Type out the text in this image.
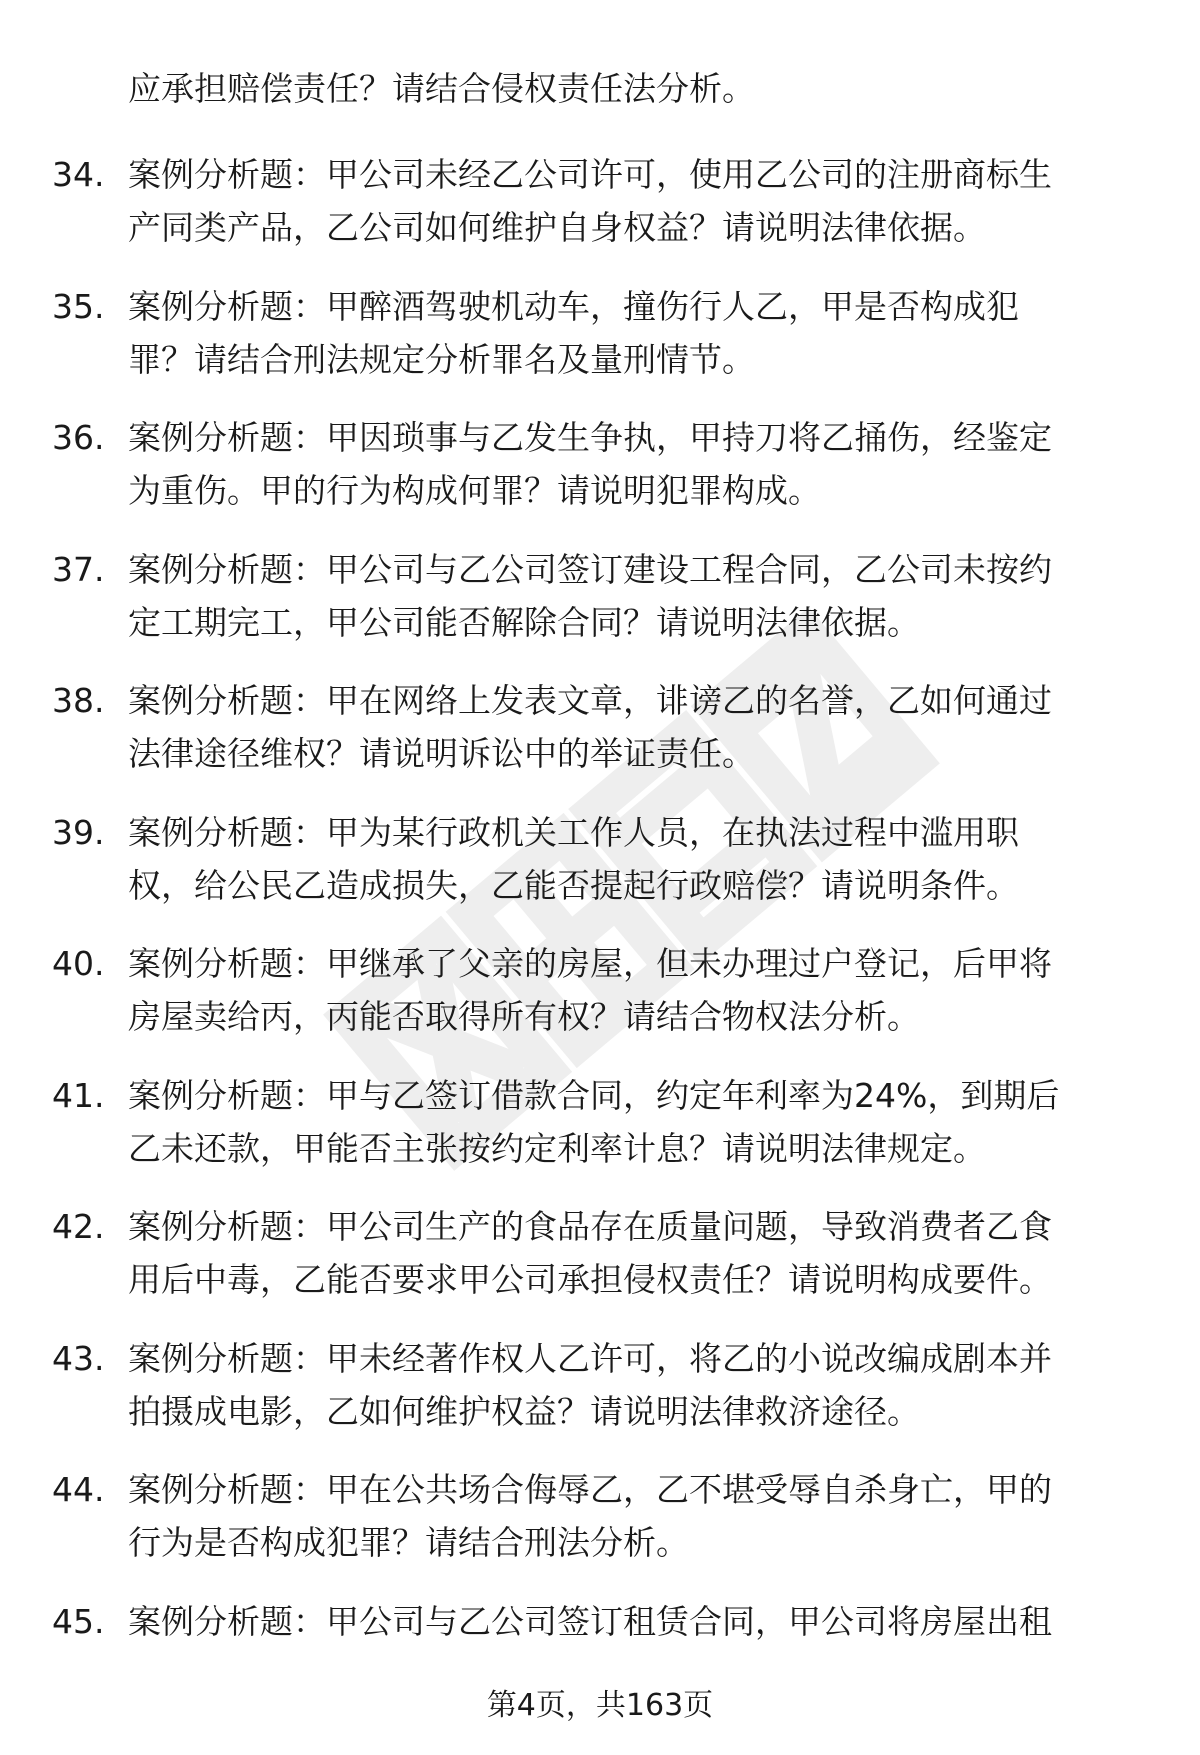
应承担赔偿责任？请结合侵权责任法分析。
34. 案例分析题：甲公司未经乙公司许可，使用乙公司的注册商标生
产同类产品，乙公司如何维护自身权益？请说明法律依据。
35. 案例分析题：甲醉酒驾驶机动车，撞伤行人乙，甲是否构成犯
罪？请结合刑法规定分析罪名及量刑情节。
36. 案例分析题：甲因琐事与乙发生争执，甲持刀将乙捅伤，经鉴定
为重伤。甲的行为构成何罪？请说明犯罪构成。
37. 案例分析题：甲公司与乙公司签订建设工程合同，乙公司未按约
定工期完工，甲公司能否解除合同？请说明法律依据。
38. 案例分析题：甲在网络上发表文章，诽谤乙的名誉，乙如何通过
法律途径维权？请说明诉讼中的举证责任。
39. 案例分析题：甲为某行政机关工作人员，在执法过程中滥用职
权，给公民乙造成损失，乙能否提起行政赔偿？请说明条件。
40. 案例分析题：甲继承了父亲的房屋，但未办理过户登记，后甲将
房屋卖给丙，丙能否取得所有权？请结合物权法分析。
41. 案例分析题：甲与乙签订借款合同，约定年利率为24%，到期后
乙未还款，甲能否主张按约定利率计息？请说明法律规定。
42. 案例分析题：甲公司生产的食品存在质量问题，导致消费者乙食
用后中毒，乙能否要求甲公司承担侵权责任？请说明构成要件。
43. 案例分析题：甲未经著作权人乙许可，将乙的小说改编成剧本并
拍摄成电影，乙如何维护权益？请说明法律救济途径。
44. 案例分析题：甲在公共场合侮辱乙，乙不堪受辱自杀身亡，甲的
行为是否构成犯罪？请结合刑法分析。
45. 案例分析题：甲公司与乙公司签订租赁合同，甲公司将房屋出租
第4页，共163页
